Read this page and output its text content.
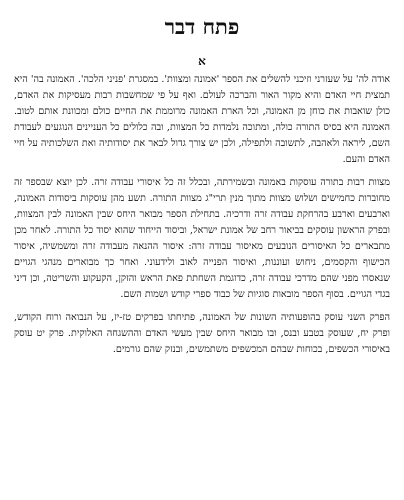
פתח דבר
א

אודה לה' על שעזרני וזיכני להשלים את הספר 'אמונה ומצוות'. במסגרת 'פניני הלכה'. האמונה בה' היא תמצית חיי האדם והיא מקור האור והברכה לעולם. ואף על פי שמחשבות רבות מעסיקות את האדם, כולן שואבות את כוחן מן האמונה, וכל הארת האמונה מרוממת את החיים כולם ומכוונת אותם לטוב. האמונה היא בסיס התורה כולה, ומתוכה נלמדות כל המצוות, ובה כלולים כל העניינים הנוגעים לעבודת השם, ליראה ולאהבה, לתשובה ולתפילה, ולכן יש צורך גדול לבאר את יסודותיה ואת השלכותיה על חיי האדם והעם.

מצוות רבות בתורה עוסקות באמונה ובשמירתה, ובכלל זה כל איסורי עבודה זרה. לכן יוצא שבספר זה מחוברות כחמישים ושלוש מצוות מתוך מנין תרי"ג מצוות התורה. תשע מהן עוסקות ביסודות האמונה, וארבעים וארבע בהרחקת עבודה זרה ודרכיה. בתחילת הספר מבואר היחס שבין האמונה לבין המצוות, ובפרק הראשון עוסקים בביאור רחב של אמונת ישראל, וביסוד הייחוד שהוא יסוד כל התורה. לאחר מכן מתבארים כל האיסורים הנובעים מאיסור עבודה זרה: איסור ההנאה מעבודה זרה ומשמשיה, איסור הכישוף והקסמים, ניחוש ועוננות, ואיסור הפנייה לאוב ולידעוני. ואחר כך מבוארים מנהגי הגויים שנאסרו מפני שהם מדרכי עבודה זרה, כדוגמת השחתת פאת הראש והזקן, הקעקוע והשריטה, וכן דיני בגדי הגויים. בסוף הספר מובאות סוגיות של כבוד ספרי קודש ושמות השם.

הפרק השני עוסק בהופעותיה השונות של האמונה, פתיחתו בפרקים טז-יז, על הנבואה ורוח הקודש, ופרק יח, שעוסק בטבע ובנס, ובו מבואר היחס שבין מעשי האדם וההשגחה האלוקית. פרק יט עוסק באיסורי הכשפים, בכוחות שבהם המכשפים משתמשים, ובנזק שהם גורמים.
